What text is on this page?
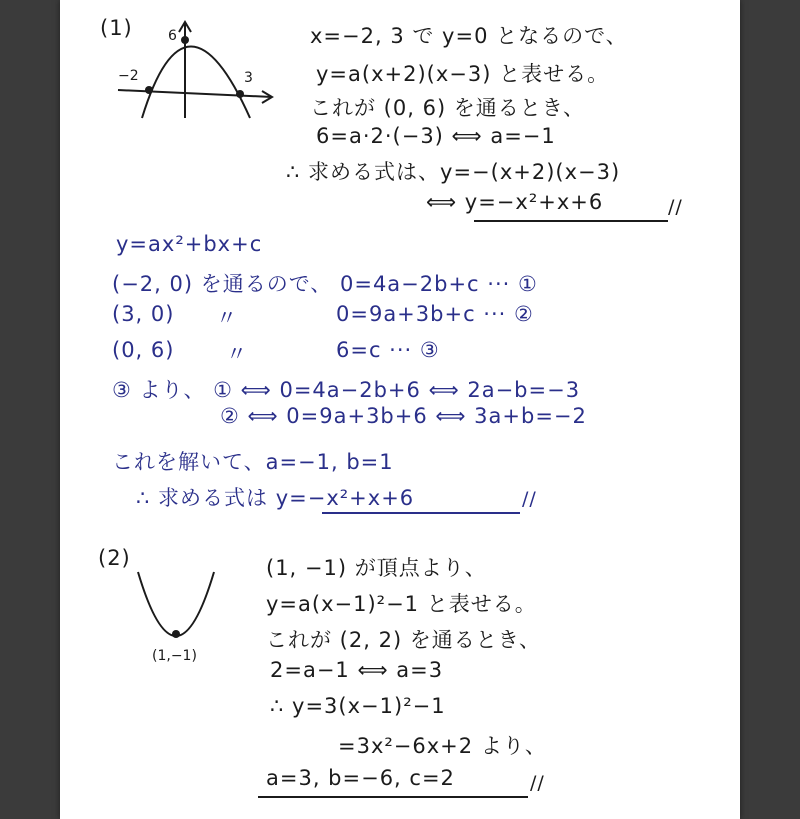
(1)
−2	3
6	x=−2, 3 で y=0 となるので、
y=a(x+2)(x−3) と表せる。
これが (0, 6) を通るとき、
6=a·2·(−3) ⟺ a=−1
∴ 求める式は、y=−(x+2)(x−3)
⟺ y=−x²+x+6	//
y=ax²+bx+c
(−2, 0) を通るので、 0=4a−2b+c ··· ①
(3, 0) 〃	0=9a+3b+c ··· ②
(0, 6) 〃	6=c ··· ③
③ より、 ① ⟺ 0=4a−2b+6 ⟺ 2a−b=−3
② ⟺ 0=9a+3b+6 ⟺ 3a+b=−2
これを解いて、a=−1, b=1
∴ 求める式は y=−x²+x+6	//
(2)
(1,−1)
(1, −1) が頂点より、
y=a(x−1)²−1 と表せる。
これが (2, 2) を通るとき、
2=a−1 ⟺ a=3
∴ y=3(x−1)²−1
=3x²−6x+2 より、
a=3, b=−6, c=2	//
